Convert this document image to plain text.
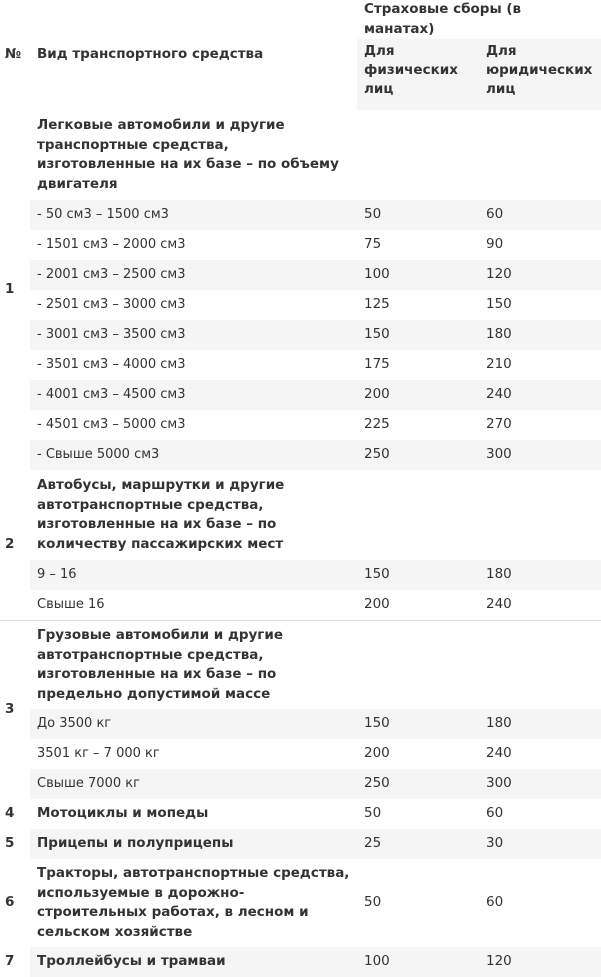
№	Вид транспортного средства	Страховые сборы (в манатах)	
		Для физических лиц	Для юридических лиц
1	Легковые автомобили и другие транспортные средства, изготовленные на их базе – по объему двигателя		
	- 50 см3 – 1500 см3	50	60
	- 1501 см3 – 2000 см3	75	90
	- 2001 см3 – 2500 см3	100	120
	- 2501 см3 – 3000 см3	125	150
	- 3001 см3 – 3500 см3	150	180
	- 3501 см3 – 4000 см3	175	210
	- 4001 см3 – 4500 см3	200	240
	- 4501 см3 – 5000 см3	225	270
	- Свыше 5000 см3	250	300
2	Автобусы, маршрутки и другие автотранспортные средства, изготовленные на их базе – по количеству пассажирских мест		
	9 – 16	150	180
	Свыше 16	200	240
3	Грузовые автомобили и другие автотранспортные средства, изготовленные на их базе – по предельно допустимой массе		
	До 3500 кг	150	180
	3501 кг – 7 000 кг	200	240
	Свыше 7000 кг	250	300
4	Мотоциклы и мопеды	50	60
5	Прицепы и полуприцепы	25	30
6	Тракторы, автотранспортные средства, используемые в дорожно-строительных работах, в лесном и сельском хозяйстве	50	60
7	Троллейбусы и трамваи	100	120
